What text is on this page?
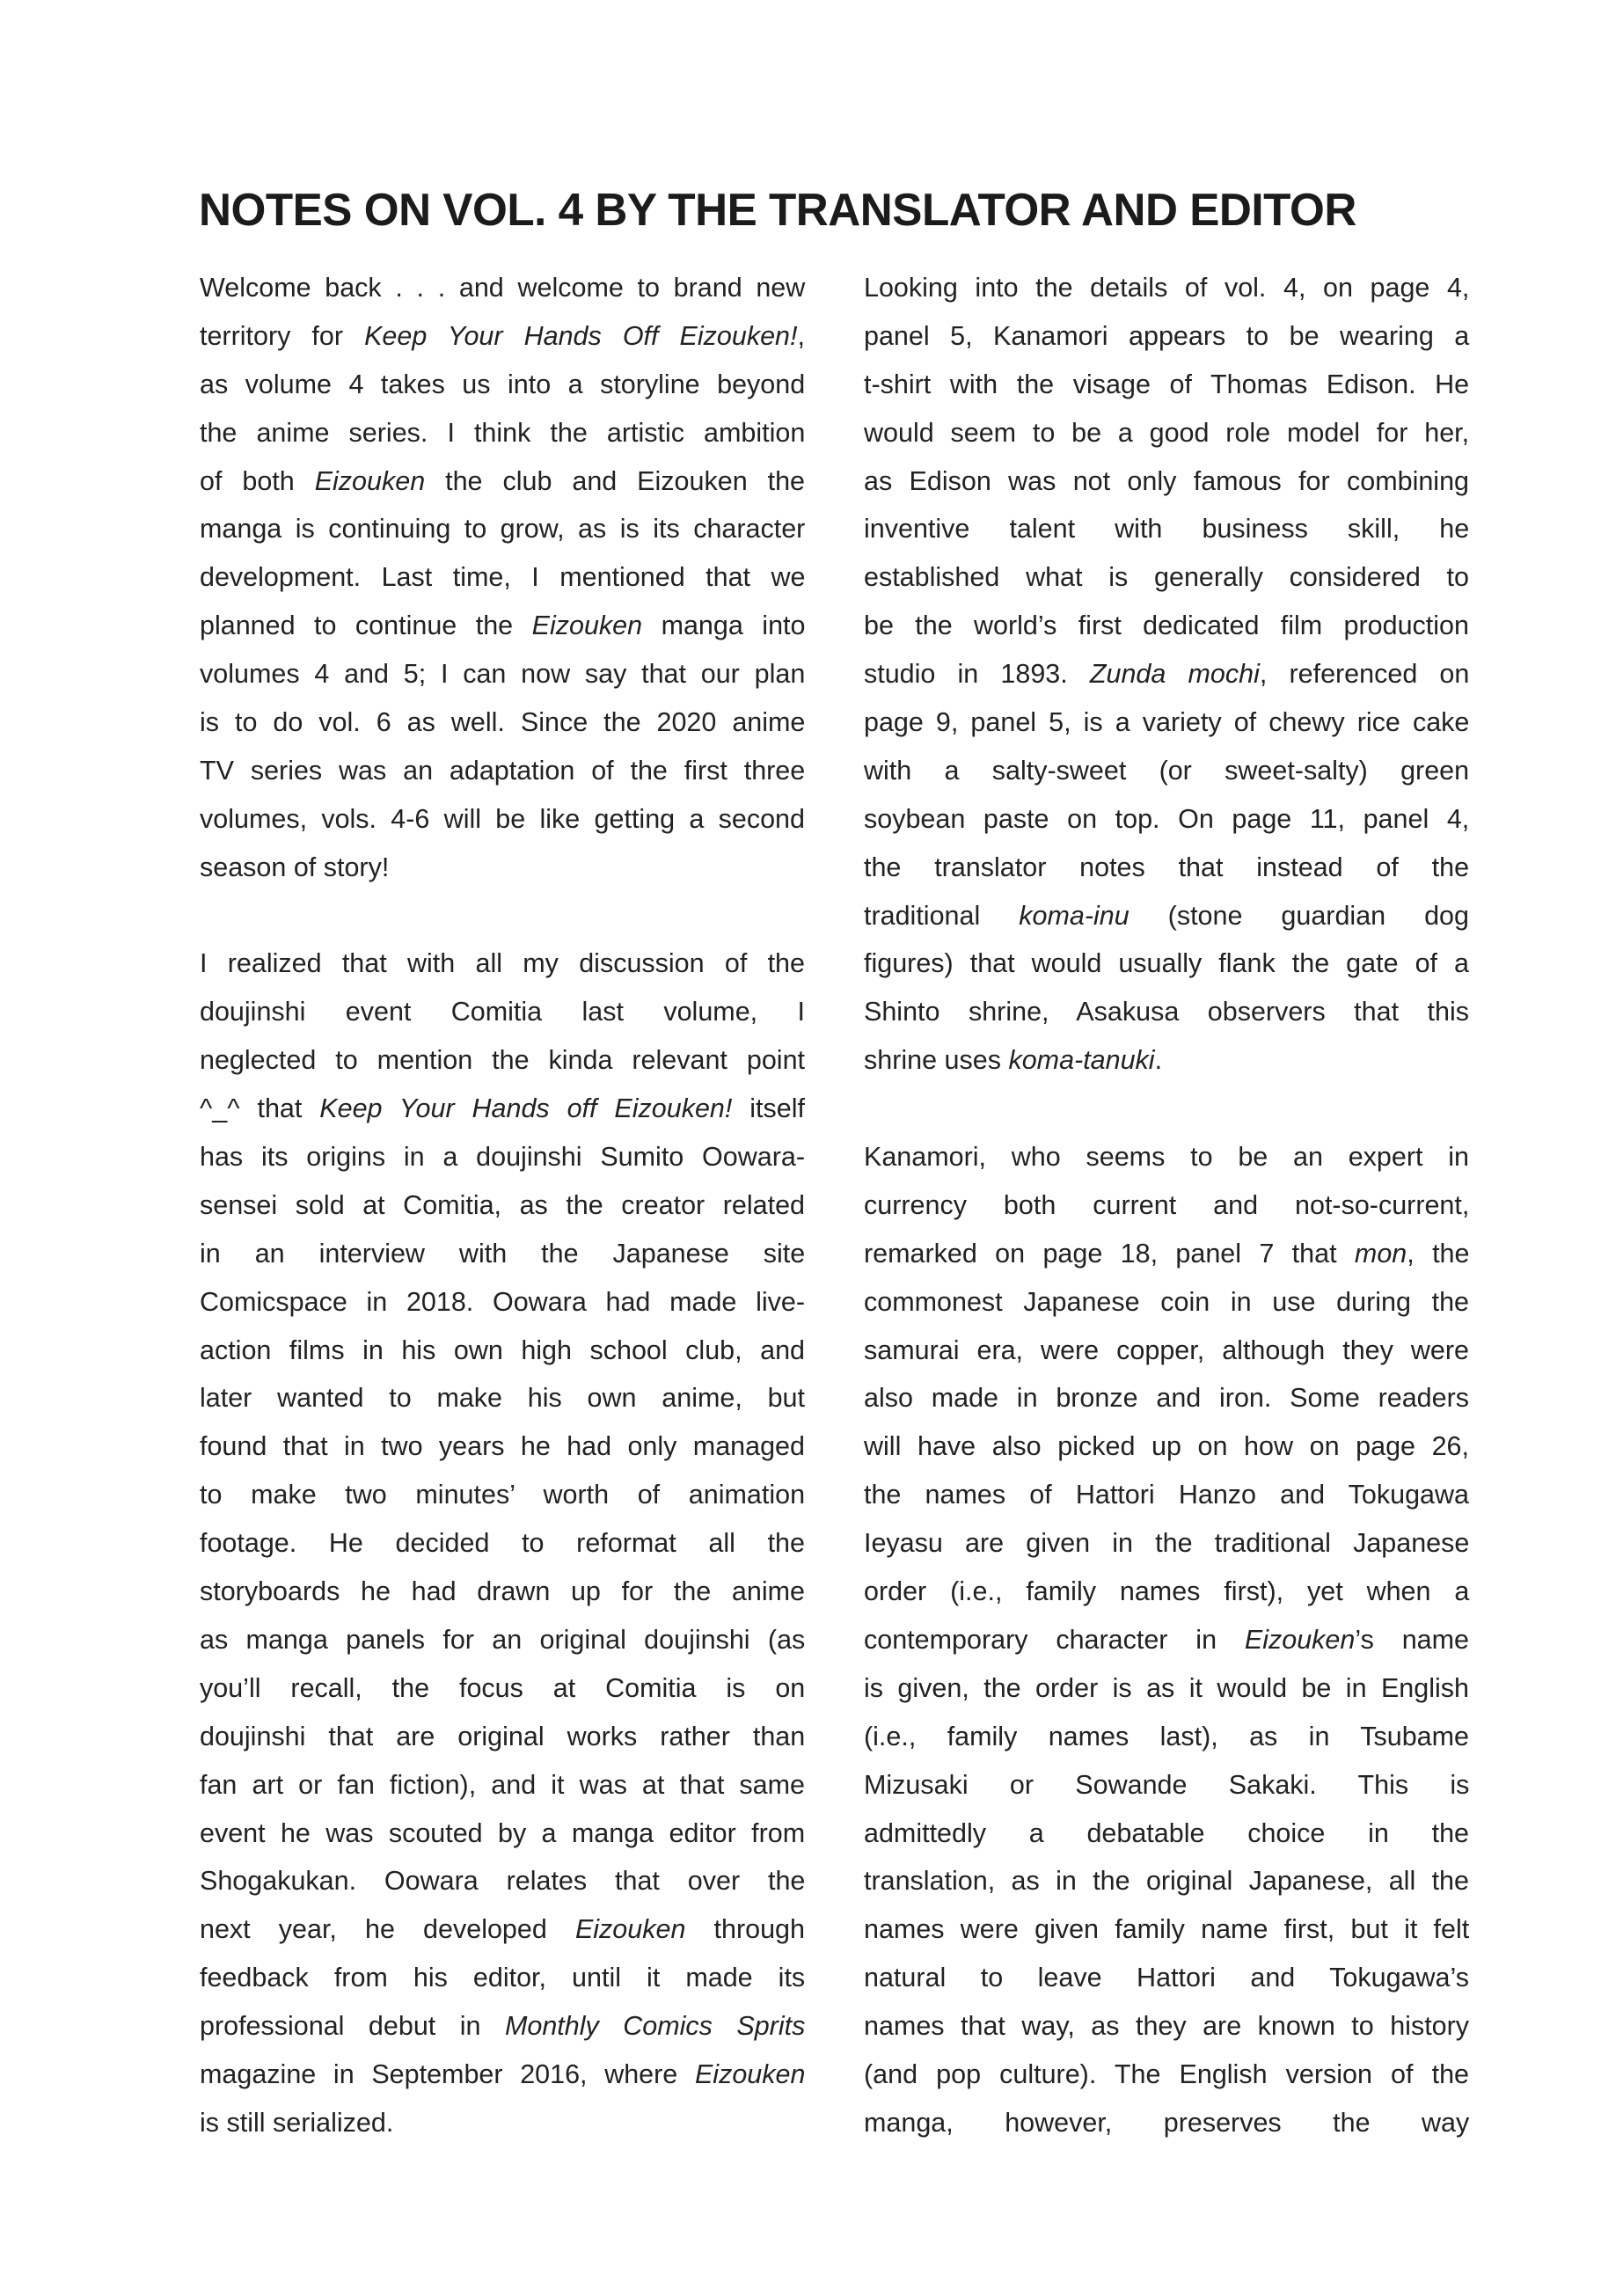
NOTES ON VOL. 4 BY THE TRANSLATOR AND EDITOR
Welcome back . . . and welcome to brand new
territory for Keep Your Hands Off Eizouken!,
as volume 4 takes us into a storyline beyond
the anime series. I think the artistic ambition
of both Eizouken the club and Eizouken the
manga is continuing to grow, as is its character
development. Last time, I mentioned that we
planned to continue the Eizouken manga into
volumes 4 and 5; I can now say that our plan
is to do vol. 6 as well. Since the 2020 anime
TV series was an adaptation of the first three
volumes, vols. 4-6 will be like getting a second
season of story!
I realized that with all my discussion of the
doujinshi event Comitia last volume, I
neglected to mention the kinda relevant point
^_^ that Keep Your Hands off Eizouken! itself
has its origins in a doujinshi Sumito Oowara-
sensei sold at Comitia, as the creator related
in an interview with the Japanese site
Comicspace in 2018. Oowara had made live-
action films in his own high school club, and
later wanted to make his own anime, but
found that in two years he had only managed
to make two minutes’ worth of animation
footage. He decided to reformat all the
storyboards he had drawn up for the anime
as manga panels for an original doujinshi (as
you’ll recall, the focus at Comitia is on
doujinshi that are original works rather than
fan art or fan fiction), and it was at that same
event he was scouted by a manga editor from
Shogakukan. Oowara relates that over the
next year, he developed Eizouken through
feedback from his editor, until it made its
professional debut in Monthly Comics Sprits
magazine in September 2016, where Eizouken
is still serialized.
Looking into the details of vol. 4, on page 4,
panel 5, Kanamori appears to be wearing a
t-shirt with the visage of Thomas Edison. He
would seem to be a good role model for her,
as Edison was not only famous for combining
inventive talent with business skill, he
established what is generally considered to
be the world’s first dedicated film production
studio in 1893. Zunda mochi, referenced on
page 9, panel 5, is a variety of chewy rice cake
with a salty-sweet (or sweet-salty) green
soybean paste on top. On page 11, panel 4,
the translator notes that instead of the
traditional koma-inu (stone guardian dog
figures) that would usually flank the gate of a
Shinto shrine, Asakusa observers that this
shrine uses koma-tanuki.
Kanamori, who seems to be an expert in
currency both current and not-so-current,
remarked on page 18, panel 7 that mon, the
commonest Japanese coin in use during the
samurai era, were copper, although they were
also made in bronze and iron. Some readers
will have also picked up on how on page 26,
the names of Hattori Hanzo and Tokugawa
Ieyasu are given in the traditional Japanese
order (i.e., family names first), yet when a
contemporary character in Eizouken’s name
is given, the order is as it would be in English
(i.e., family names last), as in Tsubame
Mizusaki or Sowande Sakaki. This is
admittedly a debatable choice in the
translation, as in the original Japanese, all the
names were given family name first, but it felt
natural to leave Hattori and Tokugawa’s
names that way, as they are known to history
(and pop culture). The English version of the
manga, however, preserves the way
